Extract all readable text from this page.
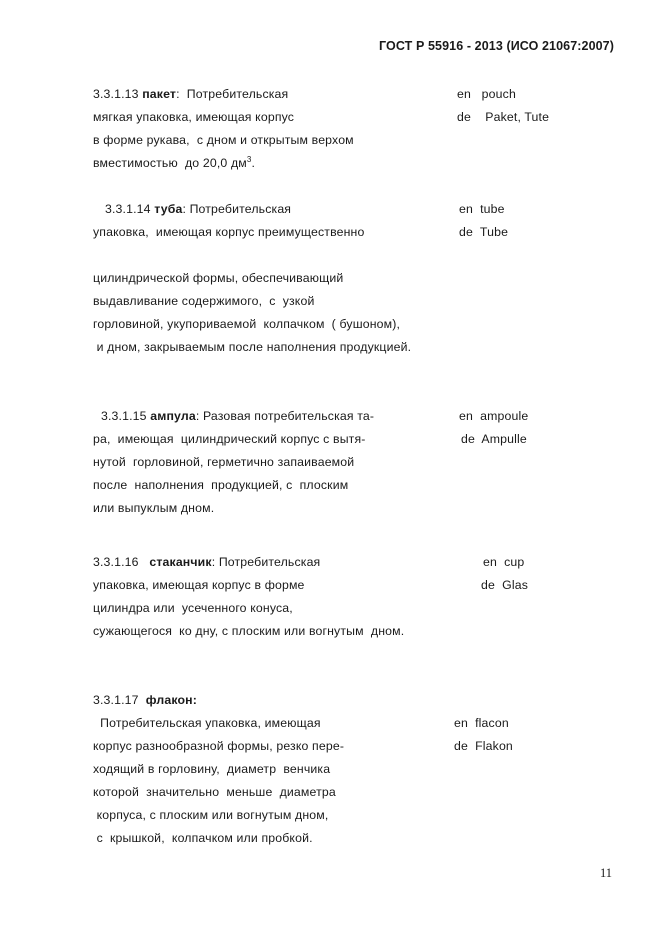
ГОСТ Р 55916 - 2013 (ИСО 21067:2007)
3.3.1.13 пакет:  Потребительская
мягкая упаковка, имеющая корпус
в форме рукава,  с дном и открытым верхом
вместимостью  до 20,0 $дм^3$.
en   pouch
de    Paket, Tute
3.3.1.14 туба: Потребительская
упаковка,  имеющая корпус преимущественно
цилиндрической формы, обеспечивающий
выдавливание содержимого,  с  узкой
горловиной, укупориваемой  колпачком  ( бушоном),
и дном, закрываемым после наполнения продукцией.
en  tube
de  Tube
3.3.1.15 ампула: Разовая потребительская та-
ра,  имеющая  цилиндрический корпус с вытя-
нутой  горловиной, герметично запаиваемой
после  наполнения  продукцией, с  плоским
или выпуклым дном.
en  ampoule
de  Ampulle
3.3.1.16 стаканчик: Потребительская
упаковка, имеющая корпус в форме
цилиндра или  усеченного конуса,
сужающегося  ко дну, с плоским или вогнутым  дном.
en  cup
de  Glas
3.3.1.17 флакон:
Потребительская упаковка, имеющая
корпус разнообразной формы, резко пере-
ходящий в горловину,  диаметр  венчика
которой  значительно  меньше  диаметра
корпуса, с плоским или вогнутым дном,
с  крышкой,  колпачком или пробкой.
en  flacon
de  Flakon
11
